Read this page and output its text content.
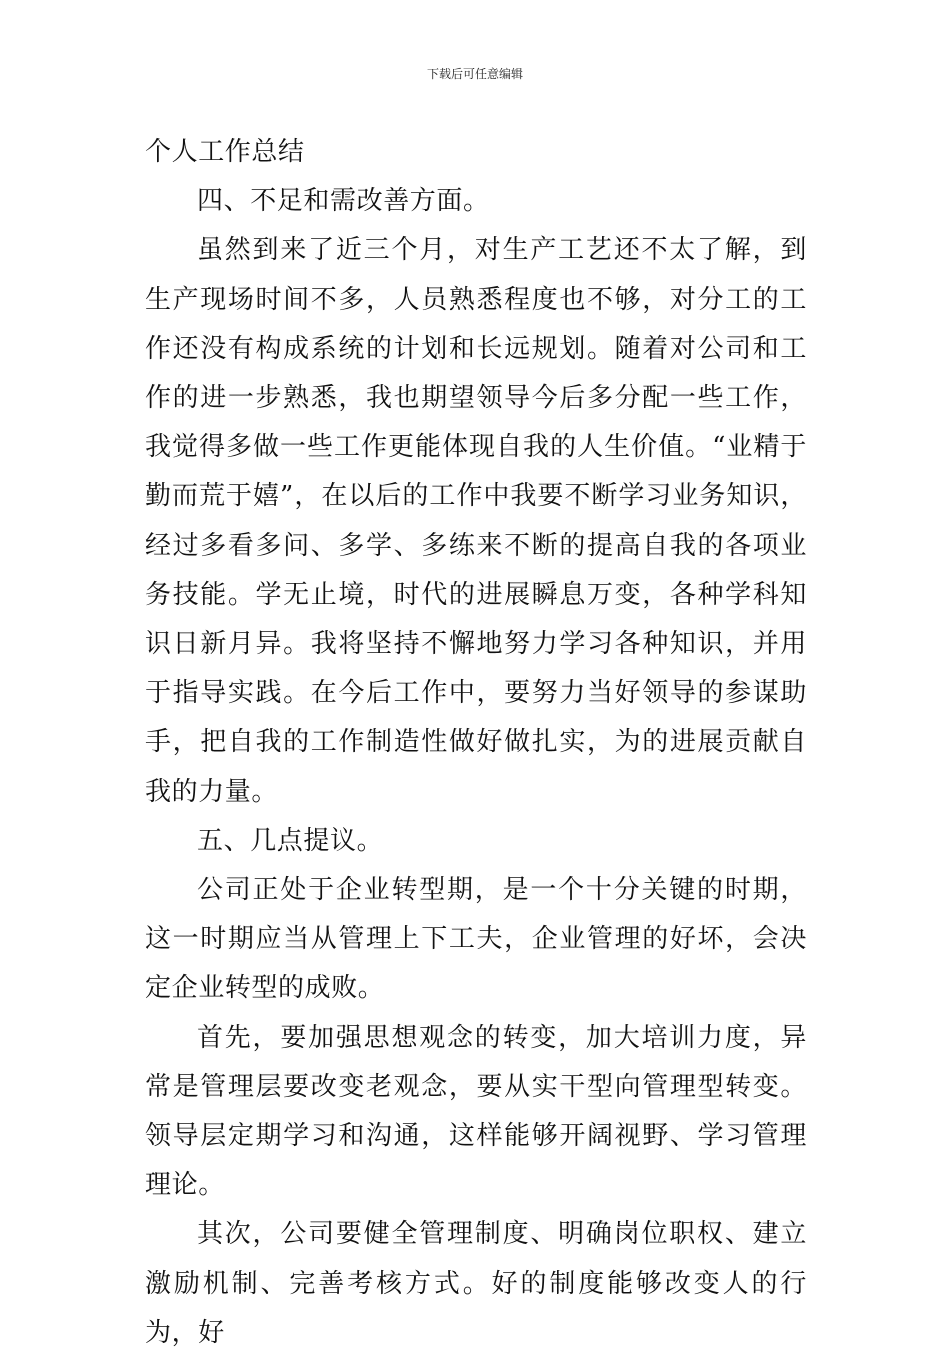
下载后可任意编辑

个人工作总结

四、不足和需改善方面。

虽然到来了近三个月，对生产工艺还不太了解，到生产现场时间不多，人员熟悉程度也不够，对分工的工作还没有构成系统的计划和长远规划。随着对公司和工作的进一步熟悉，我也期望领导今后多分配一些工作，我觉得多做一些工作更能体现自我的人生价值。“业精于勤而荒于嬉”，在以后的工作中我要不断学习业务知识，经过多看多问、多学、多练来不断的提高自我的各项业务技能。学无止境，时代的进展瞬息万变，各种学科知识日新月异。我将坚持不懈地努力学习各种知识，并用于指导实践。在今后工作中，要努力当好领导的参谋助手，把自我的工作制造性做好做扎实，为的进展贡献自我的力量。

五、几点提议。

公司正处于企业转型期，是一个十分关键的时期，这一时期应当从管理上下工夫，企业管理的好坏，会决定企业转型的成败。

首先，要加强思想观念的转变，加大培训力度，异常是管理层要改变老观念，要从实干型向管理型转变。领导层定期学习和沟通，这样能够开阔视野、学习管理理论。

其次，公司要健全管理制度、明确岗位职权、建立激励机制、完善考核方式。好的制度能够改变人的行为，好
